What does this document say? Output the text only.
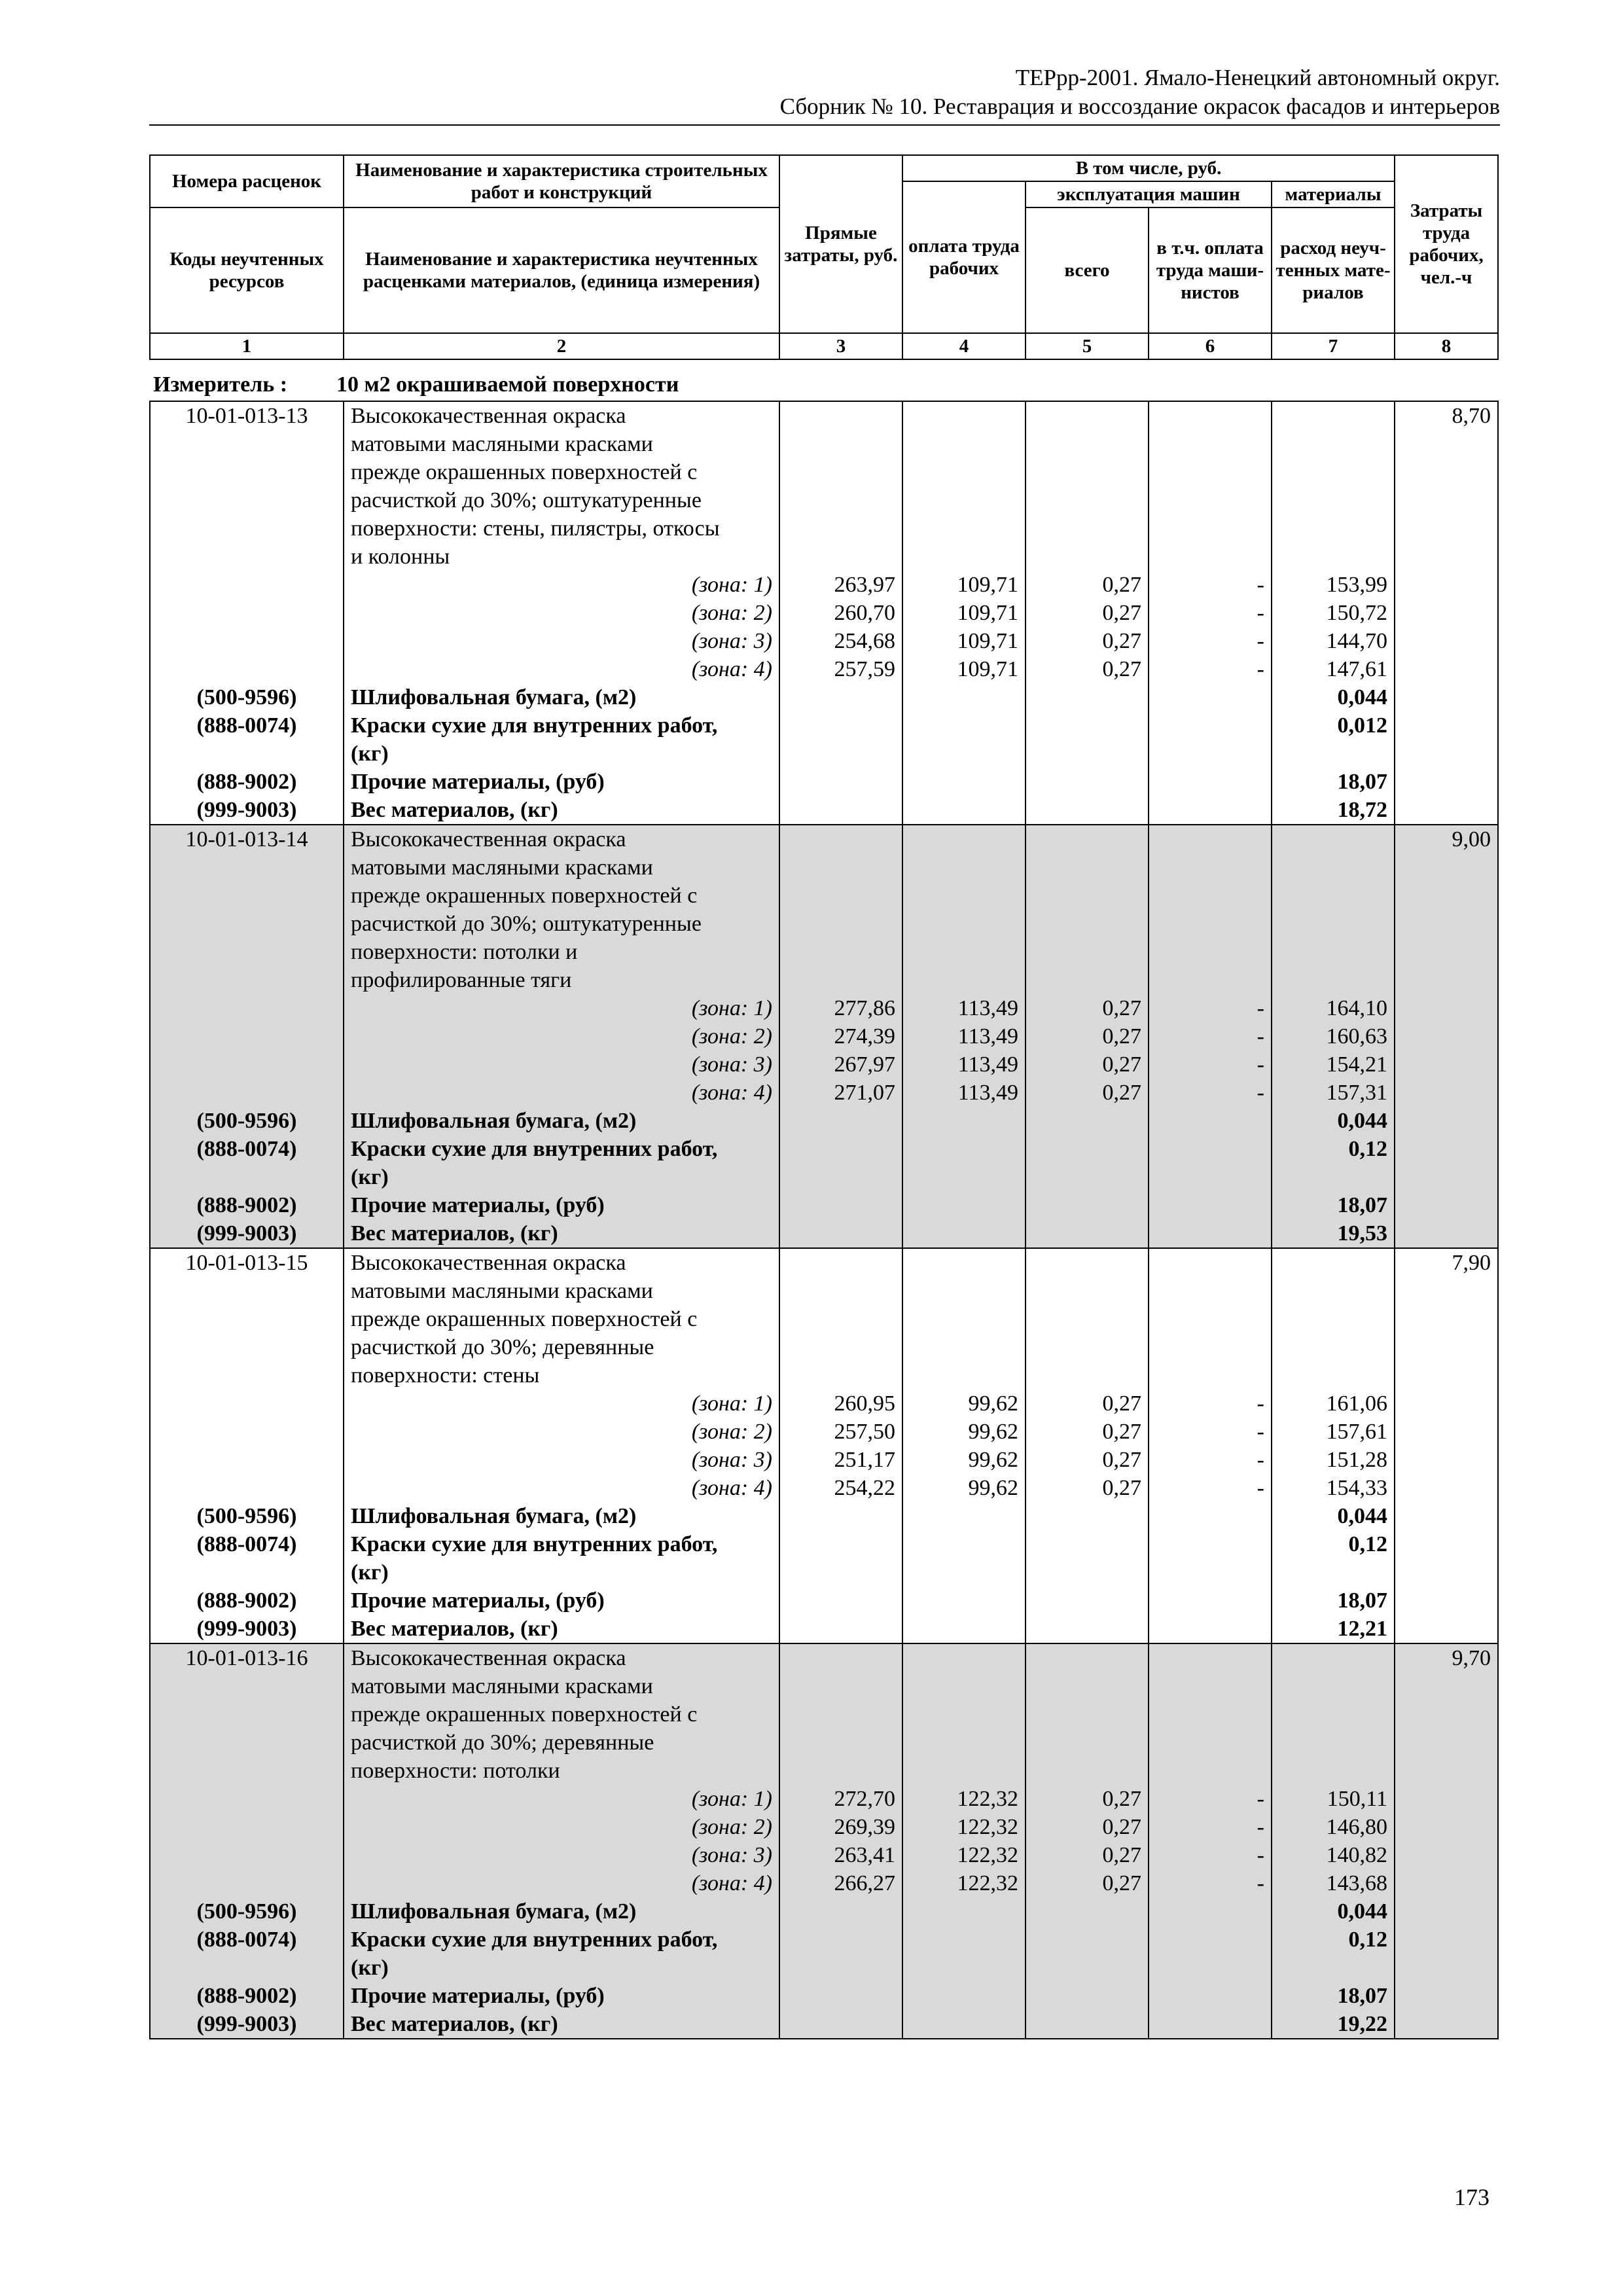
ТЕРрр-2001. Ямало-Ненецкий автономный округ.
Сборник № 10. Реставрация и воссоздание окрасок фасадов и интерьеров
Номера расценок	Наименование и характеристика строительных работ и конструкций	Прямые затраты, руб.	В том числе, руб.				Затраты труда рабочих, чел.-ч
			оплата труда рабочих	эксплуатация машин		материалы	
Коды неучтенных ресурсов	Наименование и характеристика неучтенных расценками материалов, (единица измерения)			всего	в т.ч. оплата труда маши-нистов	расход неуч-тенных мате-риалов	
1	2	3	4	5	6	7	8
Измеритель : 10 м2 окрашиваемой поверхности
10-01-013-13	Высококачественная окраска						8,70
	матовыми масляными красками						
	прежде окрашенных поверхностей с						
	расчисткой до 30%; оштукатуренные						
	поверхности: стены, пилястры, откосы						
	и колонны						
	(зона: 1)	263,97	109,71	0,27	-	153,99	
	(зона: 2)	260,70	109,71	0,27	-	150,72	
	(зона: 3)	254,68	109,71	0,27	-	144,70	
	(зона: 4)	257,59	109,71	0,27	-	147,61	
(500-9596)	Шлифовальная бумага, (м2)					0,044	
(888-0074)	Краски сухие для внутренних работ,					0,012	
	(кг)						
(888-9002)	Прочие материалы, (руб)					18,07	
(999-9003)	Вес материалов, (кг)					18,72	
10-01-013-14	Высококачественная окраска						9,00
	матовыми масляными красками						
	прежде окрашенных поверхностей с						
	расчисткой до 30%; оштукатуренные						
	поверхности: потолки и						
	профилированные тяги						
	(зона: 1)	277,86	113,49	0,27	-	164,10	
	(зона: 2)	274,39	113,49	0,27	-	160,63	
	(зона: 3)	267,97	113,49	0,27	-	154,21	
	(зона: 4)	271,07	113,49	0,27	-	157,31	
(500-9596)	Шлифовальная бумага, (м2)					0,044	
(888-0074)	Краски сухие для внутренних работ,					0,12	
	(кг)						
(888-9002)	Прочие материалы, (руб)					18,07	
(999-9003)	Вес материалов, (кг)					19,53	
10-01-013-15	Высококачественная окраска						7,90
	матовыми масляными красками						
	прежде окрашенных поверхностей с						
	расчисткой до 30%; деревянные						
	поверхности: стены						
	(зона: 1)	260,95	99,62	0,27	-	161,06	
	(зона: 2)	257,50	99,62	0,27	-	157,61	
	(зона: 3)	251,17	99,62	0,27	-	151,28	
	(зона: 4)	254,22	99,62	0,27	-	154,33	
(500-9596)	Шлифовальная бумага, (м2)					0,044	
(888-0074)	Краски сухие для внутренних работ,					0,12	
	(кг)						
(888-9002)	Прочие материалы, (руб)					18,07	
(999-9003)	Вес материалов, (кг)					12,21	
10-01-013-16	Высококачественная окраска						9,70
	матовыми масляными красками						
	прежде окрашенных поверхностей с						
	расчисткой до 30%; деревянные						
	поверхности: потолки						
	(зона: 1)	272,70	122,32	0,27	-	150,11	
	(зона: 2)	269,39	122,32	0,27	-	146,80	
	(зона: 3)	263,41	122,32	0,27	-	140,82	
	(зона: 4)	266,27	122,32	0,27	-	143,68	
(500-9596)	Шлифовальная бумага, (м2)					0,044	
(888-0074)	Краски сухие для внутренних работ,					0,12	
	(кг)						
(888-9002)	Прочие материалы, (руб)					18,07	
(999-9003)	Вес материалов, (кг)					19,22	
173
